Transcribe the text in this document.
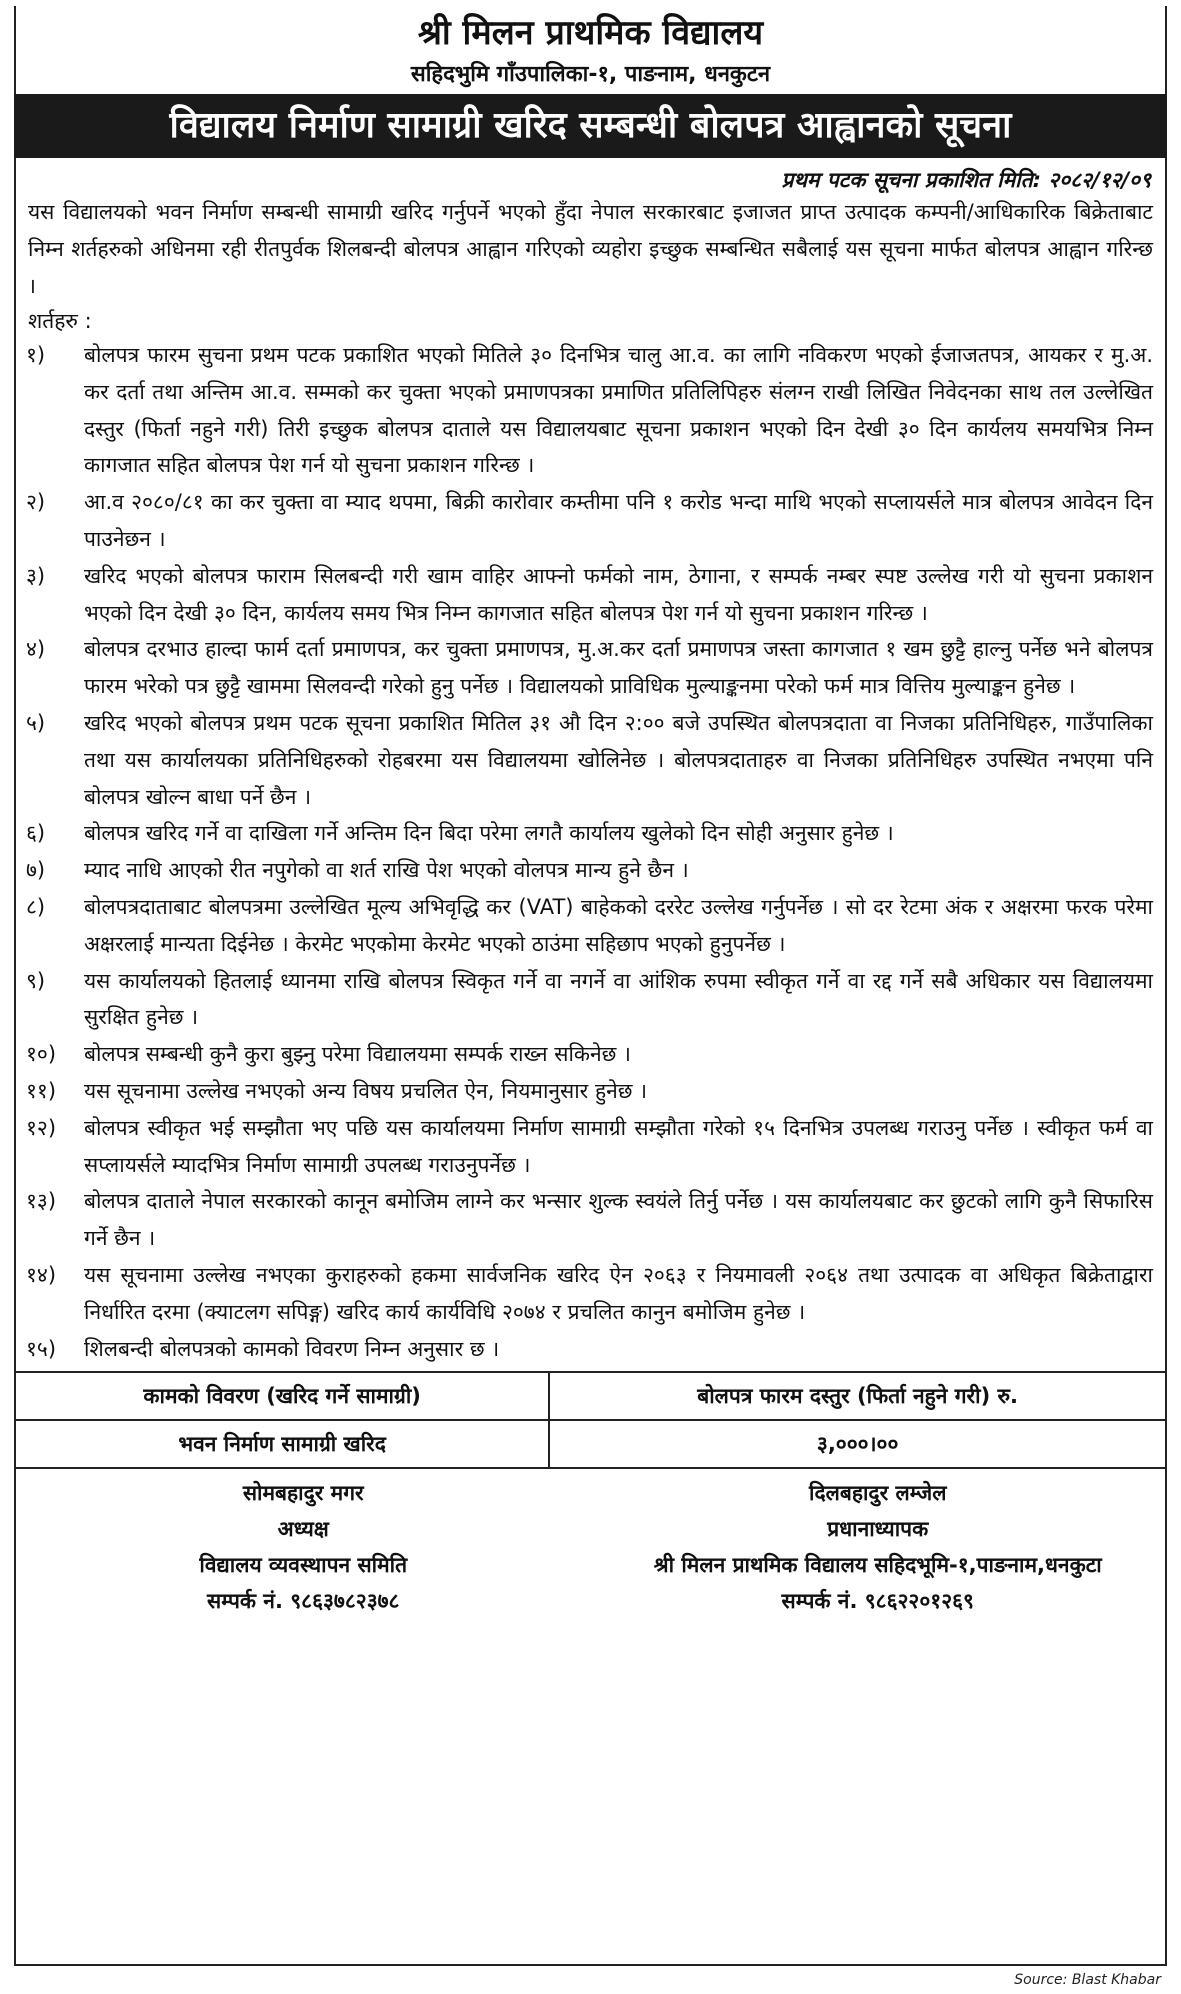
श्री मिलन प्राथमिक विद्यालय
सहिदभुमि गाँउपालिका-१, पाङनाम, धनकुटन
विद्यालय निर्माण सामाग्री खरिद सम्बन्धी बोलपत्र आह्वानको सूचना
प्रथम पटक सूचना प्रकाशित मिति: २०८२/१२/०९
यस विद्यालयको भवन निर्माण सम्बन्धी सामाग्री खरिद गर्नुपर्ने भएको हुँदा नेपाल सरकारबाट इजाजत प्राप्त उत्पादक कम्पनी/आधिकारिक बिक्रेताबाट निम्न शर्तहरुको अधिनमा रही रीतपुर्वक शिलबन्दी बोलपत्र आह्वान गरिएको व्यहोरा इच्छुक सम्बन्धित सबैलाई यस सूचना मार्फत बोलपत्र आह्वान गरिन्छ ।
शर्तहरु :
१)	बोलपत्र फारम सुचना प्रथम पटक प्रकाशित भएको मितिले ३० दिनभित्र चालु आ.व. का लागि नविकरण भएको ईजाजतपत्र, आयकर र मु.अ. कर दर्ता तथा अन्तिम आ.व. सम्मको कर चुक्ता भएको प्रमाणपत्रका प्रमाणित प्रतिलिपिहरु संलग्न राखी लिखित निवेदनका साथ तल उल्लेखित दस्तुर (फिर्ता नहुने गरी) तिरी इच्छुक बोलपत्र दाताले यस विद्यालयबाट सूचना प्रकाशन भएको दिन देखी ३० दिन कार्यलय समयभित्र निम्न कागजात सहित बोलपत्र पेश गर्न यो सुचना प्रकाशन गरिन्छ ।
२)	आ.व २०८०/८१ का कर चुक्ता वा म्याद थपमा, बिक्री कारोवार कम्तीमा पनि १ करोड भन्दा माथि भएको सप्लायर्सले मात्र बोलपत्र आवेदन दिन पाउनेछन ।
३)	खरिद भएको बोलपत्र फाराम सिलबन्दी गरी खाम वाहिर आफ्नो फर्मको नाम, ठेगाना, र सम्पर्क नम्बर स्पष्ट उल्लेख गरी यो सुचना प्रकाशन भएको दिन देखी ३० दिन, कार्यलय समय भित्र निम्न कागजात सहित बोलपत्र पेश गर्न यो सुचना प्रकाशन गरिन्छ ।
४)	बोलपत्र दरभाउ हाल्दा फार्म दर्ता प्रमाणपत्र, कर चुक्ता प्रमाणपत्र, मु.अ.कर दर्ता प्रमाणपत्र जस्ता कागजात १ खम छुट्टै हाल्नु पर्नेछ भने बोलपत्र फारम भरेको पत्र छुट्टै खाममा सिलवन्दी गरेको हुनु पर्नेछ । विद्यालयको प्राविधिक मुल्याङ्कनमा परेको फर्म मात्र वित्तिय मुल्याङ्कन हुनेछ ।
५)	खरिद भएको बोलपत्र प्रथम पटक सूचना प्रकाशित मितिल ३१ औ दिन २:०० बजे उपस्थित बोलपत्रदाता वा निजका प्रतिनिधिहरु, गाउँपालिका तथा यस कार्यालयका प्रतिनिधिहरुको रोहबरमा यस विद्यालयमा खोलिनेछ । बोलपत्रदाताहरु वा निजका प्रतिनिधिहरु उपस्थित नभएमा पनि बोलपत्र खोल्न बाधा पर्ने छैन ।
६)	बोलपत्र खरिद गर्ने वा दाखिला गर्ने अन्तिम दिन बिदा परेमा लगतै कार्यालय खुलेको दिन सोही अनुसार हुनेछ ।
७)	म्याद नाधि आएको रीत नपुगेको वा शर्त राखि पेश भएको वोलपत्र मान्य हुने छैन ।
८)	बोलपत्रदाताबाट बोलपत्रमा उल्लेखित मूल्य अभिवृद्धि कर (VAT) बाहेकको दररेट उल्लेख गर्नुपर्नेछ । सो दर रेटमा अंक र अक्षरमा फरक परेमा अक्षरलाई मान्यता दिईनेछ । केरमेट भएकोमा केरमेट भएको ठाउंमा सहिछाप भएको हुनुपर्नेछ ।
९)	यस कार्यालयको हितलाई ध्यानमा राखि बोलपत्र स्विकृत गर्ने वा नगर्ने वा आंशिक रुपमा स्वीकृत गर्ने वा रद्द गर्ने सबै अधिकार यस विद्यालयमा सुरक्षित हुनेछ ।
१०)	बोलपत्र सम्बन्धी कुनै कुरा बुझ्नु परेमा विद्यालयमा सम्पर्क राख्न सकिनेछ ।
११)	यस सूचनामा उल्लेख नभएको अन्य विषय प्रचलित ऐन, नियमानुसार हुनेछ ।
१२)	बोलपत्र स्वीकृत भई सम्झौता भए पछि यस कार्यालयमा निर्माण सामाग्री सम्झौता गरेको १५ दिनभित्र उपलब्ध गराउनु पर्नेछ । स्वीकृत फर्म वा सप्लायर्सले म्यादभित्र निर्माण सामाग्री उपलब्ध गराउनुपर्नेछ ।
१३)	बोलपत्र दाताले नेपाल सरकारको कानून बमोजिम लाग्ने कर भन्सार शुल्क स्वयंले तिर्नु पर्नेछ । यस कार्यालयबाट कर छुटको लागि कुनै सिफारिस गर्ने छैन ।
१४)	यस सूचनामा उल्लेख नभएका कुराहरुको हकमा सार्वजनिक खरिद ऐन २०६३ र नियमावली २०६४ तथा उत्पादक वा अधिकृत बिक्रेताद्वारा निर्धारित दरमा (क्याटलग सपिङ्ग) खरिद कार्य कार्यविधि २०७४ र प्रचलित कानुन बमोजिम हुनेछ ।
१५)	शिलबन्दी बोलपत्रको कामको विवरण निम्न अनुसार छ ।
कामको विवरण (खरिद गर्ने सामाग्री)	बोलपत्र फारम दस्तुर (फिर्ता नहुने गरी) रु.
भवन निर्माण सामाग्री खरिद	३,०००।००
सोमबहादुर मगर
अध्यक्ष
विद्यालय व्यवस्थापन समिति
सम्पर्क नं. ९८६३७८२३७८
दिलबहादुर लम्जेल
प्रधानाध्यापक
श्री मिलन प्राथमिक विद्यालय सहिदभूमि-१,पाङनाम,धनकुटा
सम्पर्क नं. ९८६२२०१२६९
Source: Blast Khabar
